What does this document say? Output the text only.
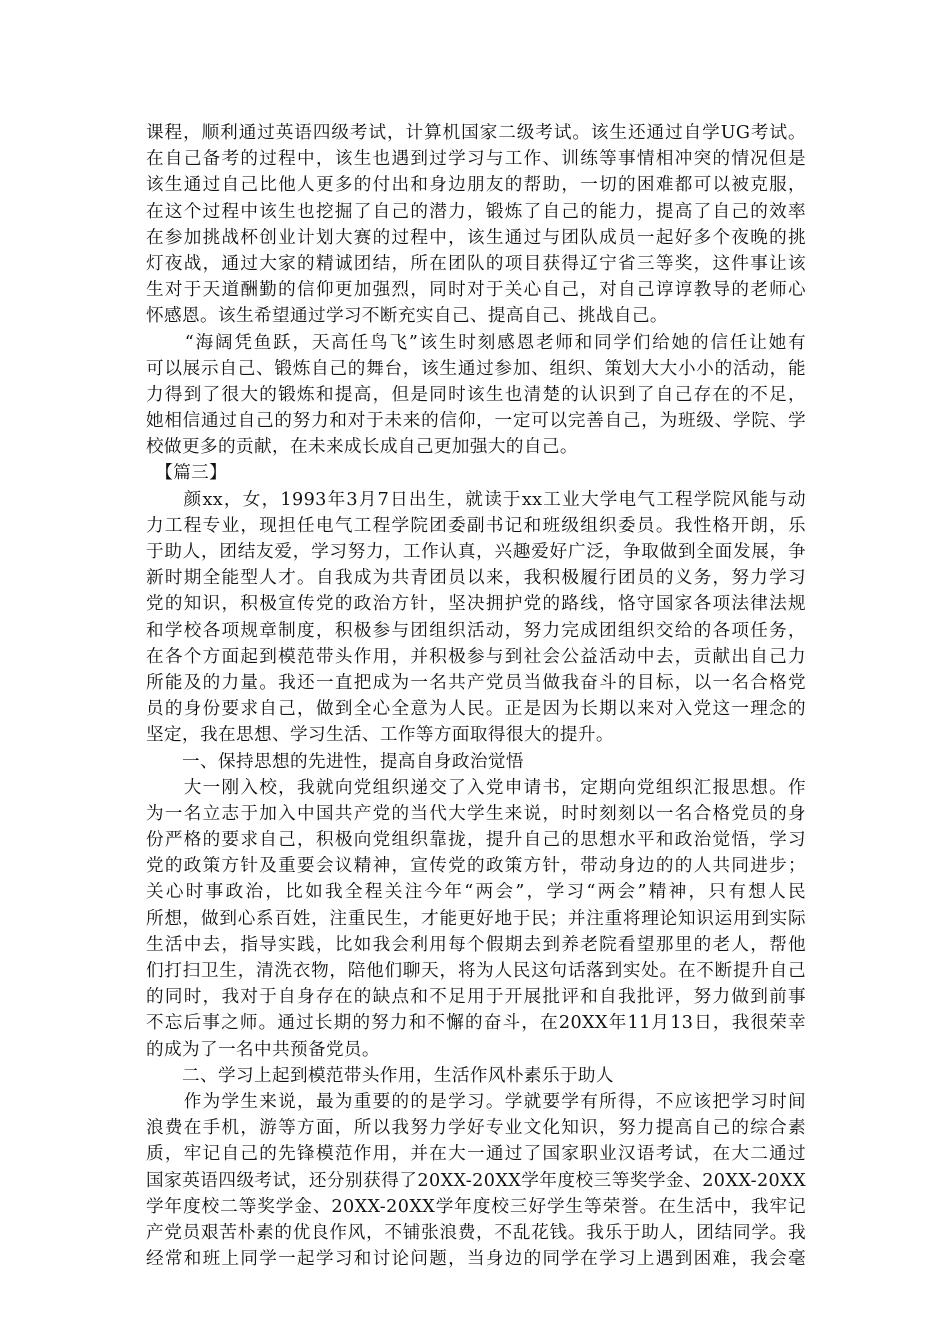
课程，顺利通过英语四级考试，计算机国家二级考试。该生还通过自学UG考试。
在自己备考的过程中，该生也遇到过学习与工作、训练等事情相冲突的情况但是
该生通过自己比他人更多的付出和身边朋友的帮助，一切的困难都可以被克服，
在这个过程中该生也挖掘了自己的潜力，锻炼了自己的能力，提高了自己的效率
在参加挑战杯创业计划大赛的过程中，该生通过与团队成员一起好多个夜晚的挑
灯夜战，通过大家的精诚团结，所在团队的项目获得辽宁省三等奖，这件事让该
生对于天道酬勤的信仰更加强烈，同时对于关心自己，对自己谆谆教导的老师心
怀感恩。该生希望通过学习不断充实自己、提高自己、挑战自己。
　　“海阔凭鱼跃，天高任鸟飞”该生时刻感恩老师和同学们给她的信任让她有
可以展示自己、锻炼自己的舞台，该生通过参加、组织、策划大大小小的活动，能
力得到了很大的锻炼和提高，但是同时该生也清楚的认识到了自己存在的不足，
她相信通过自己的努力和对于未来的信仰，一定可以完善自己，为班级、学院、学
校做更多的贡献，在未来成长成自己更加强大的自己。
　【篇三】
　　颜xx，女，1993年3月7日出生，就读于xx工业大学电气工程学院风能与动
力工程专业，现担任电气工程学院团委副书记和班级组织委员。我性格开朗，乐
于助人，团结友爱，学习努力，工作认真，兴趣爱好广泛，争取做到全面发展，争
新时期全能型人才。自我成为共青团员以来，我积极履行团员的义务，努力学习
党的知识，积极宣传党的政治方针，坚决拥护党的路线，恪守国家各项法律法规
和学校各项规章制度，积极参与团组织活动，努力完成团组织交给的各项任务，
在各个方面起到模范带头作用，并积极参与到社会公益活动中去，贡献出自己力
所能及的力量。我还一直把成为一名共产党员当做我奋斗的目标，以一名合格党
员的身份要求自己，做到全心全意为人民。正是因为长期以来对入党这一理念的
坚定，我在思想、学习生活、工作等方面取得很大的提升。
　　一、保持思想的先进性，提高自身政治觉悟
　　大一刚入校，我就向党组织递交了入党申请书，定期向党组织汇报思想。作
为一名立志于加入中国共产党的当代大学生来说，时时刻刻以一名合格党员的身
份严格的要求自己，积极向党组织靠拢，提升自己的思想水平和政治觉悟，学习
党的政策方针及重要会议精神，宣传党的政策方针，带动身边的的人共同进步；
关心时事政治，比如我全程关注今年“两会”，学习“两会”精神，只有想人民
所想，做到心系百姓，注重民生，才能更好地于民；并注重将理论知识运用到实际
生活中去，指导实践，比如我会利用每个假期去到养老院看望那里的老人，帮他
们打扫卫生，清洗衣物，陪他们聊天，将为人民这句话落到实处。在不断提升自己
的同时，我对于自身存在的缺点和不足用于开展批评和自我批评，努力做到前事
不忘后事之师。通过长期的努力和不懈的奋斗，在20XX年11月13日，我很荣幸
的成为了一名中共预备党员。
　　二、学习上起到模范带头作用，生活作风朴素乐于助人
　　作为学生来说，最为重要的的是学习。学就要学有所得，不应该把学习时间
浪费在手机，游等方面，所以我努力学好专业文化知识，努力提高自己的综合素
质，牢记自己的先锋模范作用，并在大一通过了国家职业汉语考试，在大二通过
国家英语四级考试，还分别获得了20XX-20XX学年度校三等奖学金、20XX-20XX
学年度校二等奖学金、20XX-20XX学年度校三好学生等荣誉。在生活中，我牢记
产党员艰苦朴素的优良作风，不铺张浪费，不乱花钱。我乐于助人，团结同学。我
经常和班上同学一起学习和讨论问题，当身边的同学在学习上遇到困难，我会毫
